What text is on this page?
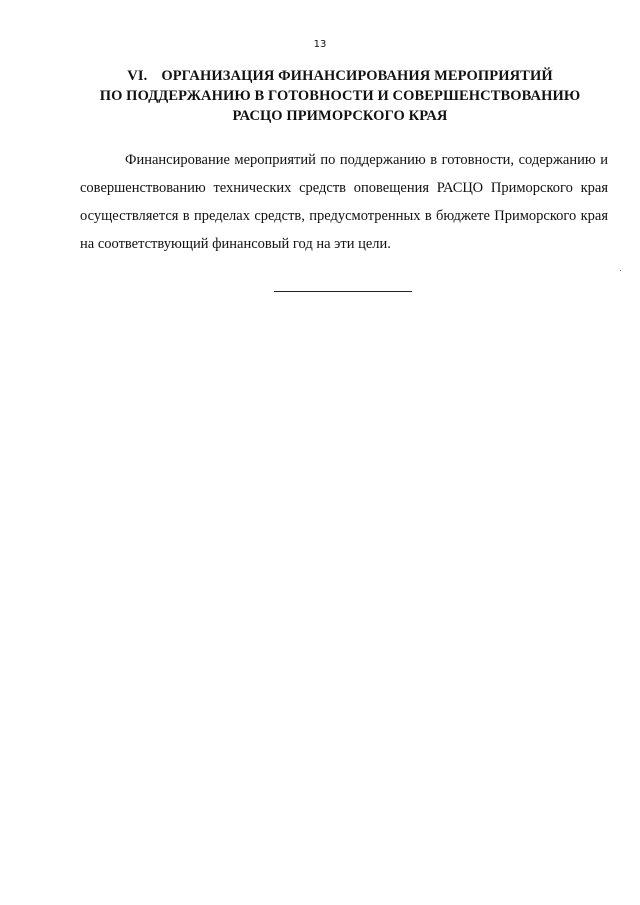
13
VI. ОРГАНИЗАЦИЯ ФИНАНСИРОВАНИЯ МЕРОПРИЯТИЙ
ПО ПОДДЕРЖАНИЮ В ГОТОВНОСТИ И СОВЕРШЕНСТВОВАНИЮ
РАСЦО ПРИМОРСКОГО КРАЯ

Финансирование мероприятий по поддержанию в готовности, содержанию и совершенствованию технических средств оповещения РАСЦО Приморского края осуществляется в пределах средств, предусмотренных в бюджете Приморского края на соответствующий финансовый год на эти цели.
